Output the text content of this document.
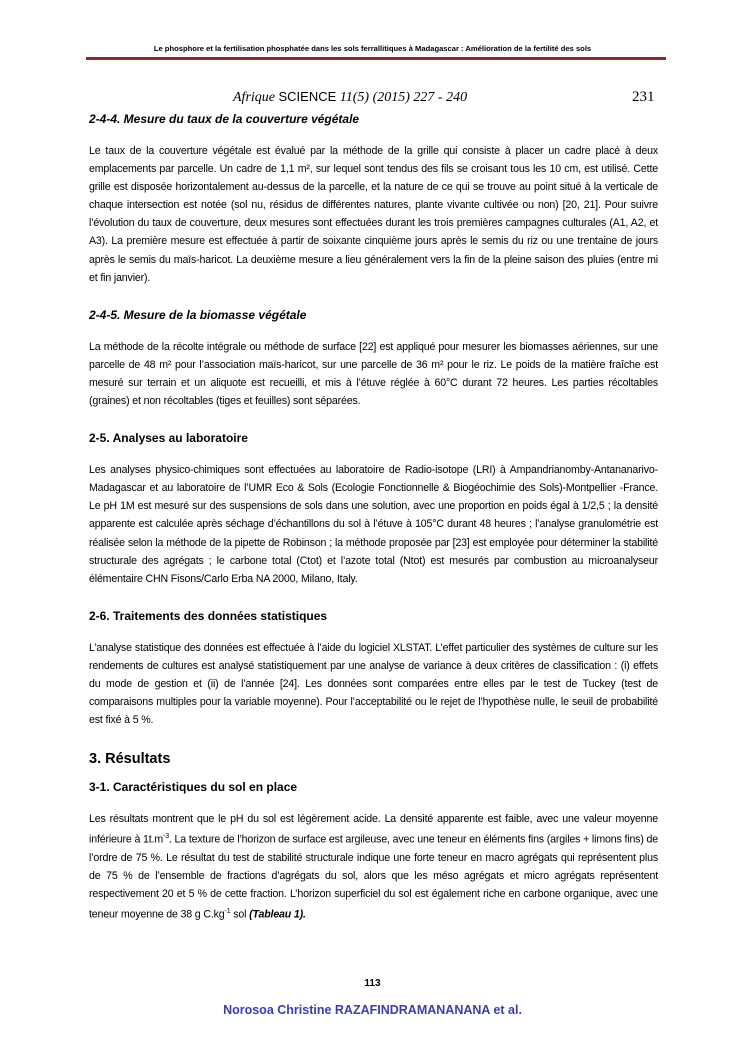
Le phosphore et la fertilisation phosphatée dans les sols ferrallitiques à Madagascar : Amélioration de la fertilité des sols
Afrique SCIENCE 11(5) (2015) 227 - 240	231
2-4-4. Mesure du taux de la couverture végétale

Le taux de la couverture végétale est évalué par la méthode de la grille qui consiste à placer un cadre placé à deux emplacements par parcelle. Un cadre de 1,1 m², sur lequel sont tendus des fils se croisant tous les 10 cm, est utilisé. Cette grille est disposée horizontalement au-dessus de la parcelle, et la nature de ce qui se trouve au point situé à la verticale de chaque intersection est notée (sol nu, résidus de différentes natures, plante vivante cultivée ou non) [20, 21]. Pour suivre l’évolution du taux de couverture, deux mesures sont effectuées durant les trois premières campagnes culturales (A1, A2, et A3). La première mesure est effectuée à partir de soixante cinquième jours après le semis du riz ou une trentaine de jours après le semis du maïs-haricot. La deuxième mesure a lieu généralement vers la fin de la pleine saison des pluies (entre mi et fin janvier).

2-4-5. Mesure de la biomasse végétale

La méthode de la récolte intégrale ou méthode de surface [22] est appliqué pour mesurer les biomasses aériennes, sur une parcelle de 48 m² pour l’association maïs-haricot, sur une parcelle de 36 m² pour le riz. Le poids de la matière fraîche est mesuré sur terrain et un aliquote est recueilli, et mis à l’étuve réglée à 60°C durant 72 heures. Les parties récoltables (graines) et non récoltables (tiges et feuilles) sont séparées.

2-5. Analyses au laboratoire

Les analyses physico-chimiques sont effectuées au laboratoire de Radio-isotope (LRI) à Ampandrianomby-Antananarivo-Madagascar et au laboratoire de l’UMR Eco & Sols (Ecologie Fonctionnelle & Biogéochimie des Sols)-Montpellier -France. Le pH 1M est mesuré sur des suspensions de sols dans une solution, avec une proportion en poids égal à 1/2,5 ; la densité apparente est calculée après séchage d’échantillons du sol à l’étuve à 105°C durant 48 heures ; l’analyse granulométrie est réalisée selon la méthode de la pipette de Robinson ; la méthode proposée par [23] est employée pour déterminer la stabilité structurale des agrégats ; le carbone total (Ctot) et l’azote total (Ntot) est mesurés par combustion au microanalyseur élémentaire CHN Fisons/Carlo Erba NA 2000, Milano, Italy.

2-6. Traitements des données statistiques

L’analyse statistique des données est effectuée à l’aide du logiciel XLSTAT. L’effet particulier des systèmes de culture sur les rendements de cultures est analysé statistiquement par une analyse de variance à deux critères de classification : (i) effets du mode de gestion et (ii) de l’année [24]. Les données sont comparées entre elles par le test de Tuckey (test de comparaisons multiples pour la variable moyenne). Pour l’acceptabilité ou le rejet de l’hypothèse nulle, le seuil de probabilité est fixé à 5 %.

3. Résultats
3-1. Caractéristiques du sol en place

Les résultats montrent que le pH du sol est légèrement acide. La densité apparente est faible, avec une valeur moyenne inférieure à $1t.m^{-3}$. La texture de l’horizon de surface est argileuse, avec une teneur en éléments fins (argiles + limons fins) de l’ordre de 75 %. Le résultat du test de stabilité structurale indique une forte teneur en macro agrégats qui représentent plus de 75 % de l’ensemble de fractions d’agrégats du sol, alors que les méso agrégats et micro agrégats représentent respectivement 20 et 5 % de cette fraction. L’horizon superficiel du sol est également riche en carbone organique, avec une teneur moyenne de 38 g $C.kg^{-1}$ sol (Tableau 1).

113
Norosoa Christine RAZAFINDRAMANANANA et al.
